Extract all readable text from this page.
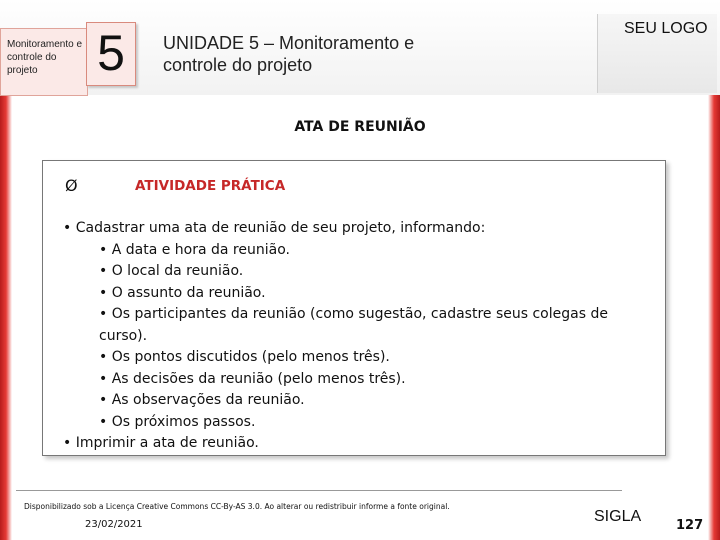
Monitoramento e controle do projeto	5	UNIDADE 5 – Monitoramento e controle do projeto
SEU LOGO
ATA DE REUNIÃO
Ø	ATIVIDADE PRÁTICA
• Cadastrar uma ata de reunião de seu projeto, informando:
• A data e hora da reunião.
• O local da reunião.
• O assunto da reunião.
• Os participantes da reunião (como sugestão, cadastre seus colegas de curso).
• Os pontos discutidos (pelo menos três).
• As decisões da reunião (pelo menos três).
• As observações da reunião.
• Os próximos passos.
• Imprimir a ata de reunião.
Disponibilizado sob a Licença Creative Commons CC-By-AS 3.0. Ao alterar ou redistribuir informe a fonte original.
23/02/2021	SIGLA
127
